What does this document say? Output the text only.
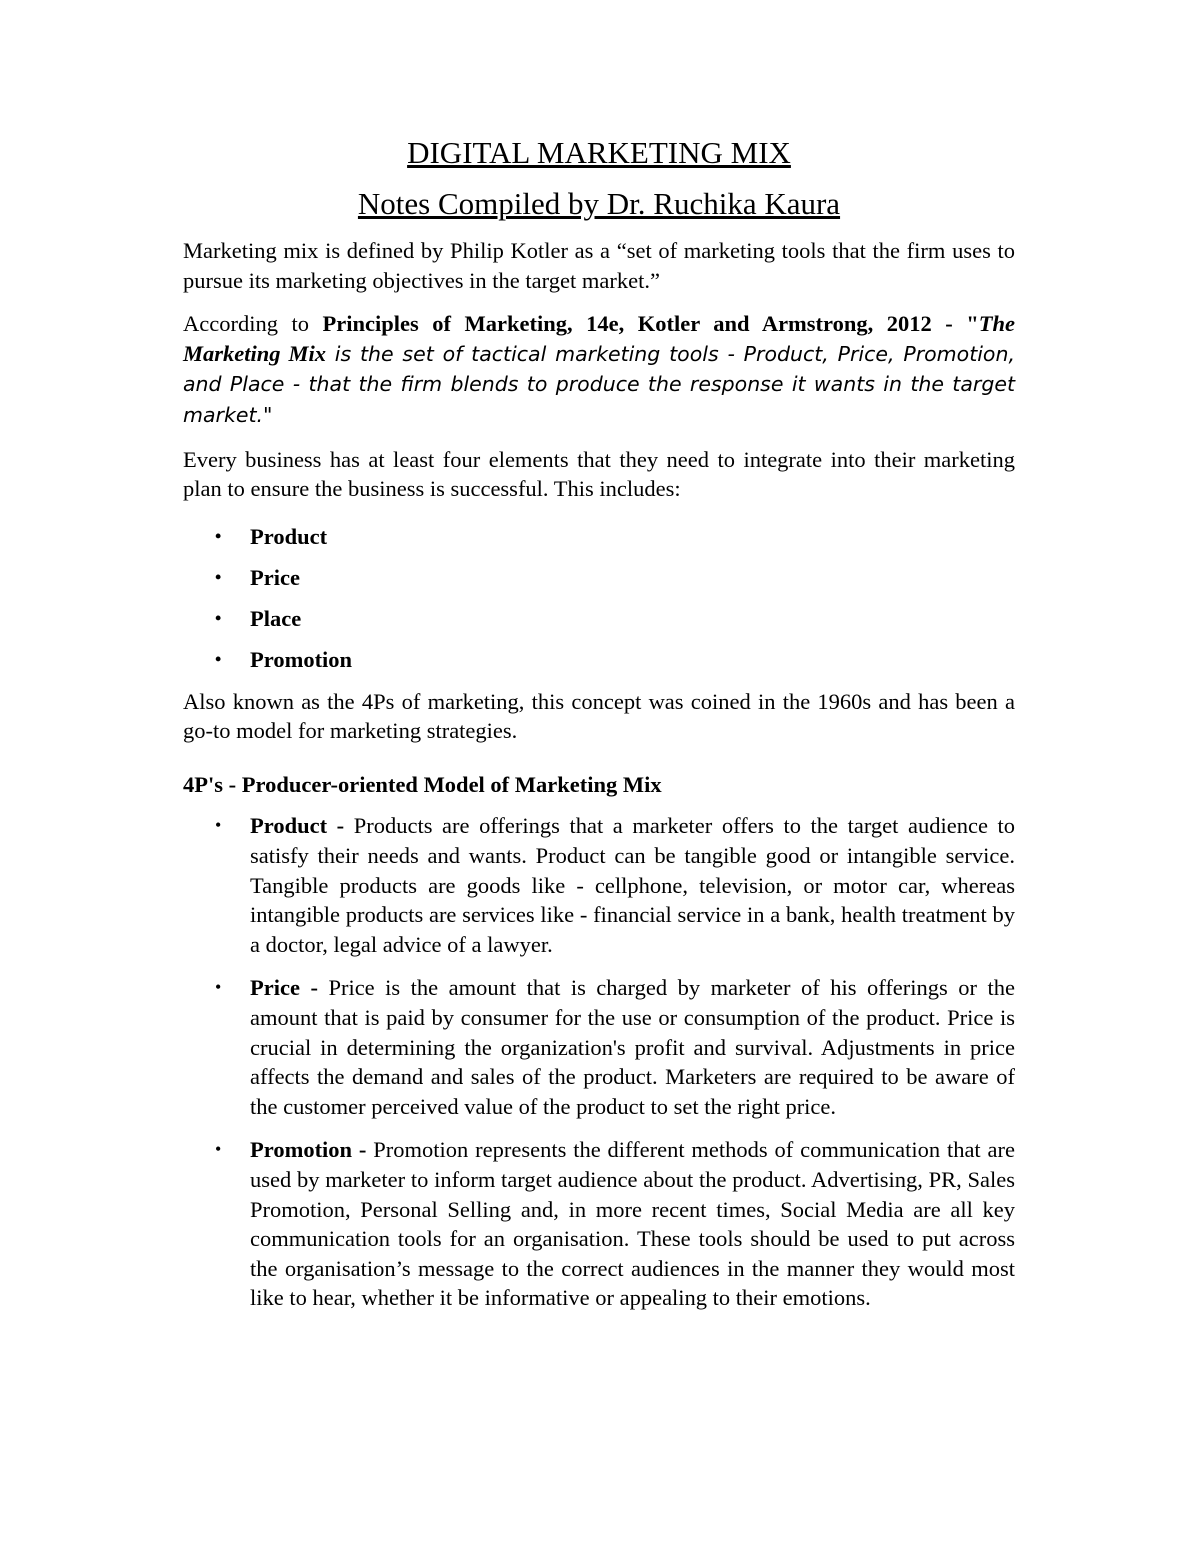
DIGITAL MARKETING MIX
Notes Compiled by Dr. Ruchika Kaura

Marketing mix is defined by Philip Kotler as a “set of marketing tools that the firm uses to pursue its marketing objectives in the target market.”

According to Principles of Marketing, 14e, Kotler and Armstrong, 2012 - "The Marketing Mix is the set of tactical marketing tools - Product, Price, Promotion, and Place - that the firm blends to produce the response it wants in the target market."

Every business has at least four elements that they need to integrate into their marketing plan to ensure the business is successful. This includes:

• Product
• Price
• Place
• Promotion

Also known as the 4Ps of marketing, this concept was coined in the 1960s and has been a go-to model for marketing strategies.

4P's - Producer-oriented Model of Marketing Mix
• Product - Products are offerings that a marketer offers to the target audience to satisfy their needs and wants. Product can be tangible good or intangible service. Tangible products are goods like - cellphone, television, or motor car, whereas intangible products are services like - financial service in a bank, health treatment by a doctor, legal advice of a lawyer.
• Price - Price is the amount that is charged by marketer of his offerings or the amount that is paid by consumer for the use or consumption of the product. Price is crucial in determining the organization's profit and survival. Adjustments in price affects the demand and sales of the product. Marketers are required to be aware of the customer perceived value of the product to set the right price.
• Promotion - Promotion represents the different methods of communication that are used by marketer to inform target audience about the product. Advertising, PR, Sales Promotion, Personal Selling and, in more recent times, Social Media are all key communication tools for an organisation. These tools should be used to put across the organisation’s message to the correct audiences in the manner they would most like to hear, whether it be informative or appealing to their emotions.
